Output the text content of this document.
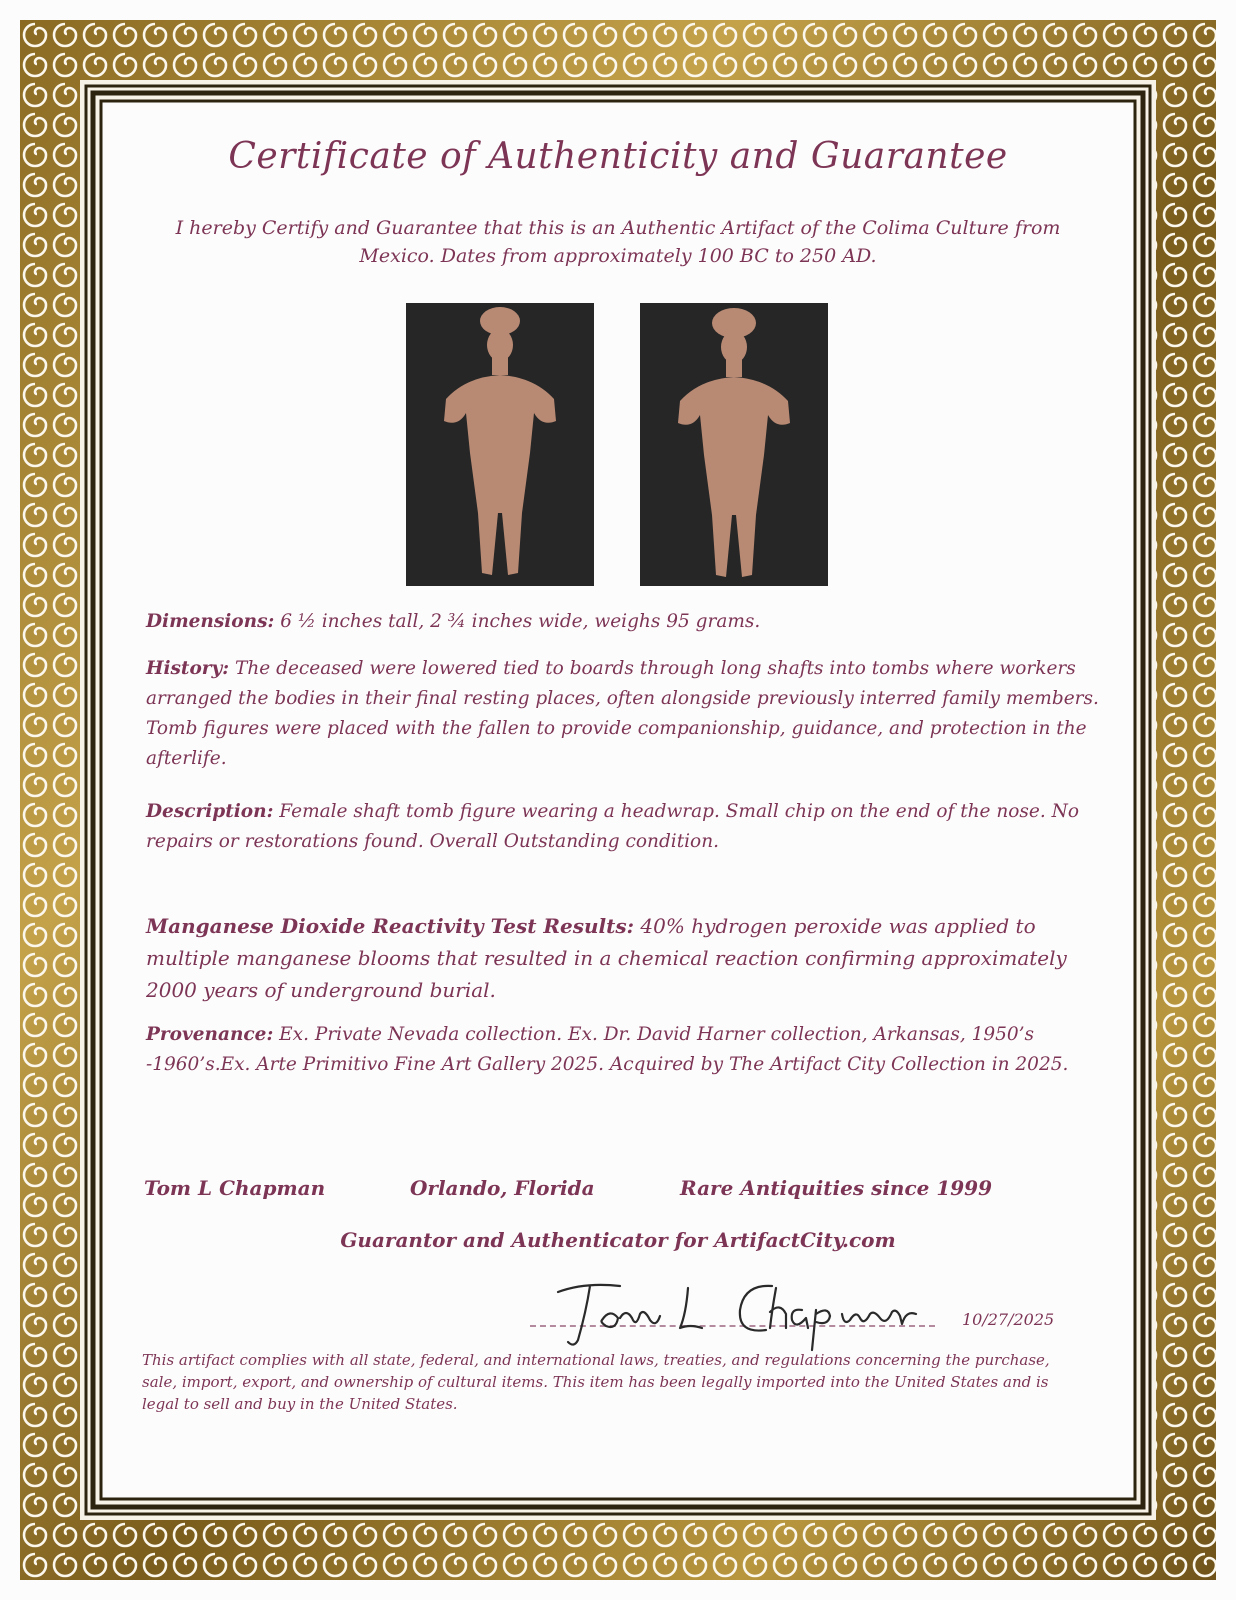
Certificate of Authenticity and Guarantee
I hereby Certify and Guarantee that this is an Authentic Artifact of the Colima Culture from Mexico. Dates from approximately 100 BC to 250 AD.
Dimensions: 6 ½ inches tall, 2 ¾ inches wide, weighs 95 grams.
History: The deceased were lowered tied to boards through long shafts into tombs where workers arranged the bodies in their final resting places, often alongside previously interred family members. Tomb figures were placed with the fallen to provide companionship, guidance, and protection in the afterlife.
Description: Female shaft tomb figure wearing a headwrap. Small chip on the end of the nose. No repairs or restorations found. Overall Outstanding condition.
Manganese Dioxide Reactivity Test Results: 40% hydrogen peroxide was applied to multiple manganese blooms that resulted in a chemical reaction confirming approximately 2000 years of underground burial.
Provenance: Ex. Private Nevada collection. Ex. Dr. David Harner collection, Arkansas, 1950’s -1960’s.Ex. Arte Primitivo Fine Art Gallery 2025. Acquired by The Artifact City Collection in 2025.
Tom L Chapman	Orlando, Florida	Rare Antiquities since 1999
Guarantor and Authenticator for ArtifactCity.com
10/27/2025
This artifact complies with all state, federal, and international laws, treaties, and regulations concerning the purchase, sale, import, export, and ownership of cultural items. This item has been legally imported into the United States and is legal to sell and buy in the United States.
